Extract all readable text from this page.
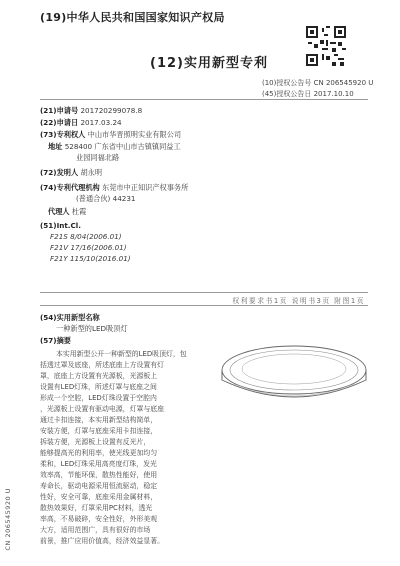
(19)中华人民共和国国家知识产权局
(12)实用新型专利
(10)授权公告号 CN 206545920 U
(45)授权公告日 2017.10.10
(21)申请号 201720299078.8
(22)申请日 2017.03.24
(73)专利权人 中山市华晋照明实业有限公司
地址 528400 广东省中山市古镇镇同益工
业园同福北路
(72)发明人 胡永明
(74)专利代理机构 东莞市中正知识产权事务所
(普通合伙) 44231
代理人 杜霞
(51)Int.Cl.
F21S 8/04(2006.01)
F21V 17/16(2006.01)
F21Y 115/10(2016.01)
权利要求书1页 说明书3页 附图1页
(54)实用新型名称
一种新型的LED吸顶灯
(57)摘要
本实用新型公开一种新型的LED吸顶灯，包
括透过罩及底座，所述底座上方设置有灯
罩，底座上方设置有光源板，光源板上
设置有LED灯珠，所述灯罩与底座之间
形成一个空腔，LED灯珠设置于空腔内
，光源板上设置有驱动电源，灯罩与底座
通过卡扣连接，本实用新型结构简单，
安装方便，灯罩与底座采用卡扣连接，
拆装方便，光源板上设置有反光片，
能够提高光的利用率，使光线更加均匀
柔和，LED灯珠采用高亮度灯珠，发光
效率高，节能环保，散热性能好，使用
寿命长，驱动电源采用恒流驱动，稳定
性好，安全可靠，底座采用金属材料，
散热效果好，灯罩采用PC材料，透光
率高，不易破碎，安全性好，外形美观
大方，适用范围广，具有很好的市场
前景，推广应用价值高，经济效益显著。
CN 206545920 U
